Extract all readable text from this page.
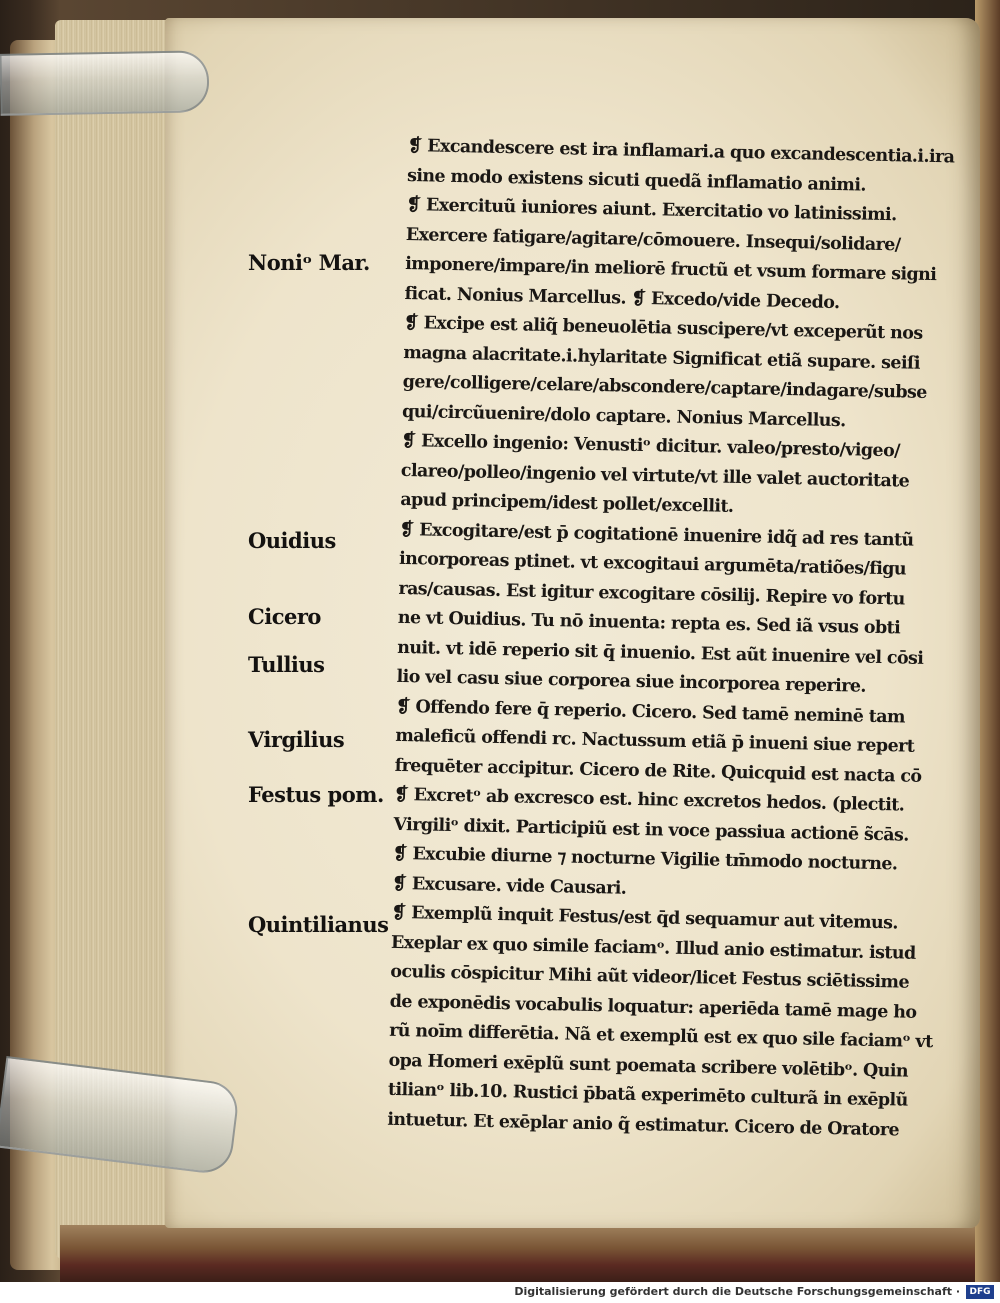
Noniᵒ Mar.
Ouidius
Cicero
Tullius
Virgilius
Festus pom.
Quintilianus
❡ Excandescere est ira inflamari.a quo excandescentia.i.ira
sine modo existens sicuti quedã inflamatio animi.
❡ Exercituũ iuniores aiunt. Exercitatio vo latinissimi.
Exercere fatigare/agitare/cōmouere. Insequi/solidare/
imponere/impare/in meliorē fructũ et vsum formare signi
ficat. Nonius Marcellus. ❡ Excedo/vide Decedo.
❡ Excipe est aliq̃ beneuolētia suscipere/vt exceperũt nos
magna alacritate.i.hylaritate Significat etiã supare. seiſi
gere/colligere/celare/abscondere/captare/indagare/subse
qui/circũuenire/dolo captare. Nonius Marcellus.
❡ Excello ingenio: Venustiᵒ dicitur. valeo/presto/vigeo/
clareo/polleo/ingenio vel virtute/vt ille valet auctoritate
apud principem/idest pollet/excellit.
❡ Excogitare/est p̄ cogitationē inuenire idq̃ ad res tantũ
incorporeas ptinet. vt excogitaui argumēta/ratiões/figu
ras/causas. Est igitur excogitare cōsilij. Repire vo fortu
ne vt Ouidius. Tu nō inuenta: repta es. Sed iã vsus obti
nuit. vt idē reperio sit q̄ inuenio. Est aũt inuenire vel cōsi
lio vel casu siue corporea siue incorporea reperire.
❡ Offendo fere q̄ reperio. Cicero. Sed tamē neminē tam
maleficũ offendi rc. Nactussum etiã p̄ inueni siue repert
frequēter accipitur. Cicero de Rite. Quicquid est nacta cō
❡ Excretᵒ ab excresco est. hinc excretos hedos. (plectit.
Virgiliᵒ dixit. Participiũ est in voce passiua actionē s̃cās.
❡ Excubie diurne ⁊ nocturne Vigilie tm̄modo nocturne.
❡ Excusare. vide Causari.
❡ Exemplũ inquit Festus/est q̄d sequamur aut vitemus.
Exeplar ex quo simile faciamᵒ. Illud anio estimatur. istud
oculis cōspicitur Mihi aũt videor/licet Festus sciētissime
de exponēdis vocabulis loquatur: aperiēda tamē mage ho
rũ noīm differētia. Nã et exemplũ est ex quo sile faciamᵒ vt
opa Homeri exēplũ sunt poemata scribere volētibᵒ. Quin
tilianᵒ lib.10. Rustici p̄batã experimēto culturã in exēplũ
intuetur. Et exēplar anio q̃ estimatur. Cicero de Oratore
Digitalisierung gefördert durch die Deutsche Forschungsgemeinschaft ·	DFG
